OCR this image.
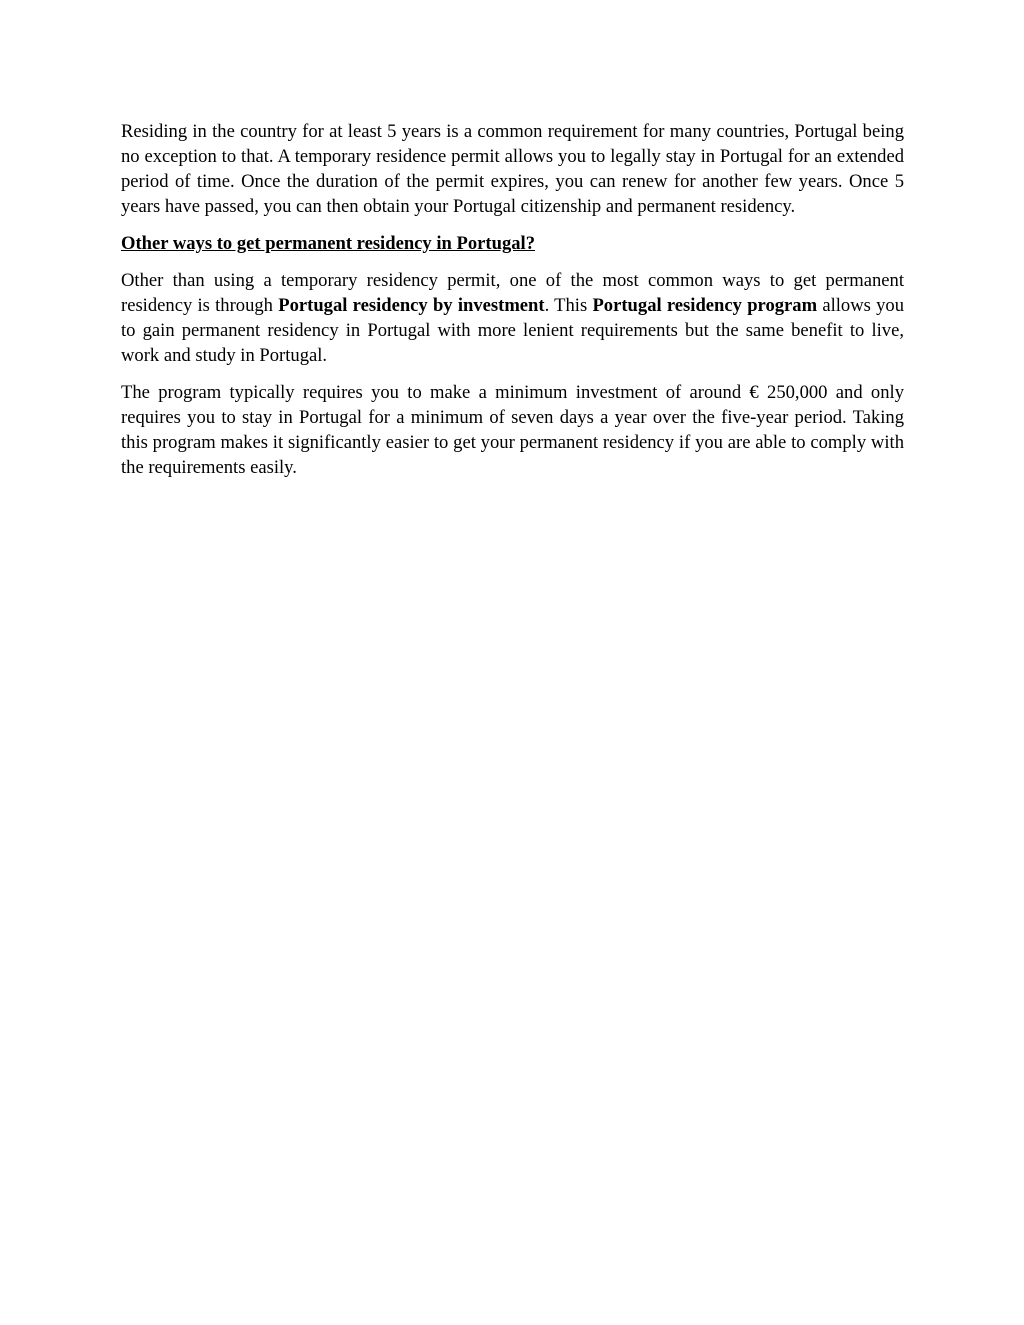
Residing in the country for at least 5 years is a common requirement for many countries, Portugal being no exception to that. A temporary residence permit allows you to legally stay in Portugal for an extended period of time. Once the duration of the permit expires, you can renew for another few years. Once 5 years have passed, you can then obtain your Portugal citizenship and permanent residency.

Other ways to get permanent residency in Portugal?

Other than using a temporary residency permit, one of the most common ways to get permanent residency is through Portugal residency by investment. This Portugal residency program allows you to gain permanent residency in Portugal with more lenient requirements but the same benefit to live, work and study in Portugal.

The program typically requires you to make a minimum investment of around € 250,000 and only requires you to stay in Portugal for a minimum of seven days a year over the five-year period. Taking this program makes it significantly easier to get your permanent residency if you are able to comply with the requirements easily.
